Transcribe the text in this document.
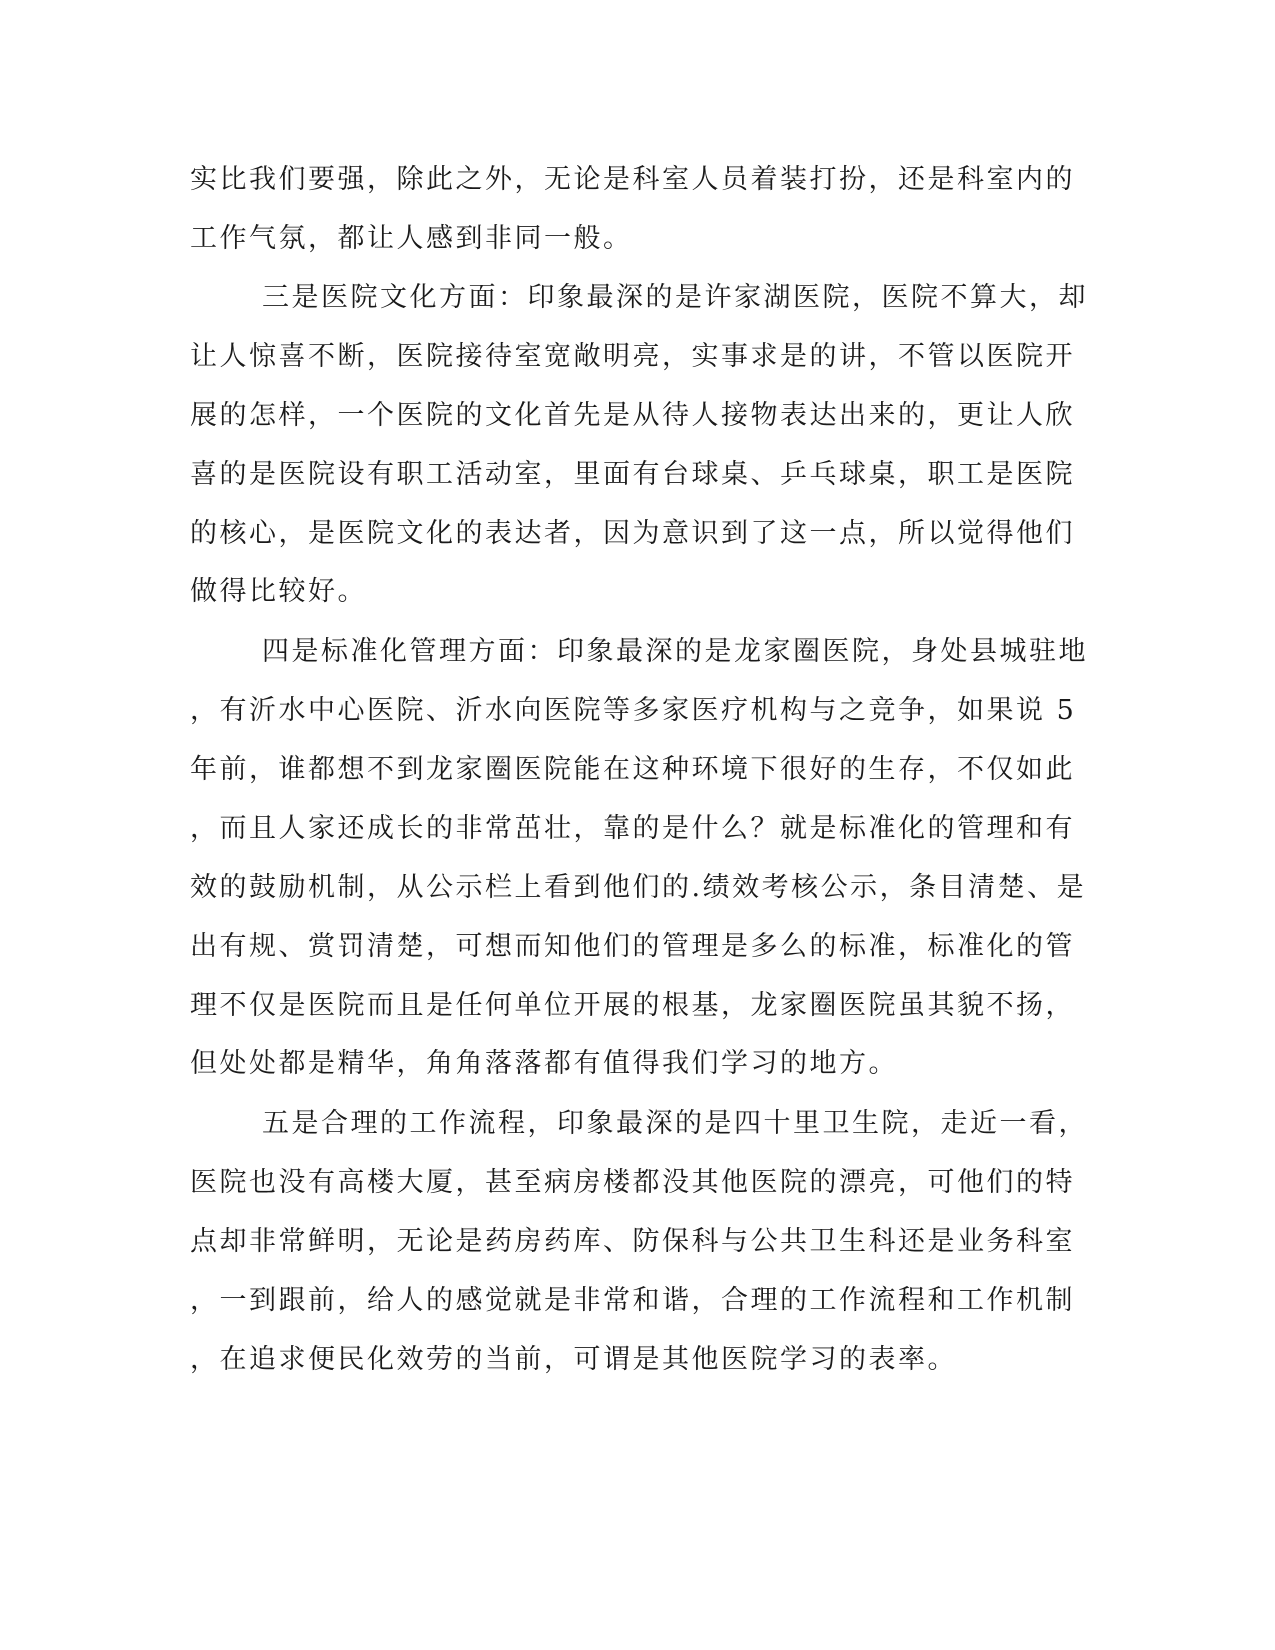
实比我们要强，除此之外，无论是科室人员着装打扮，还是科室内的
工作气氛，都让人感到非同一般。
三是医院文化方面：印象最深的是许家湖医院，医院不算大，却
让人惊喜不断，医院接待室宽敞明亮，实事求是的讲，不管以医院开
展的怎样，一个医院的文化首先是从待人接物表达出来的，更让人欣
喜的是医院设有职工活动室，里面有台球桌、乒乓球桌，职工是医院
的核心，是医院文化的表达者，因为意识到了这一点，所以觉得他们
做得比较好。
四是标准化管理方面：印象最深的是龙家圈医院，身处县城驻地
，有沂水中心医院、沂水向医院等多家医疗机构与之竞争，如果说 5
年前，谁都想不到龙家圈医院能在这种环境下很好的生存，不仅如此
，而且人家还成长的非常茁壮，靠的是什么？就是标准化的管理和有
效的鼓励机制，从公示栏上看到他们的.绩效考核公示，条目清楚、是
出有规、赏罚清楚，可想而知他们的管理是多么的标准，标准化的管
理不仅是医院而且是任何单位开展的根基，龙家圈医院虽其貌不扬，
但处处都是精华，角角落落都有值得我们学习的地方。
五是合理的工作流程，印象最深的是四十里卫生院，走近一看，
医院也没有高楼大厦，甚至病房楼都没其他医院的漂亮，可他们的特
点却非常鲜明，无论是药房药库、防保科与公共卫生科还是业务科室
，一到跟前，给人的感觉就是非常和谐，合理的工作流程和工作机制
，在追求便民化效劳的当前，可谓是其他医院学习的表率。
